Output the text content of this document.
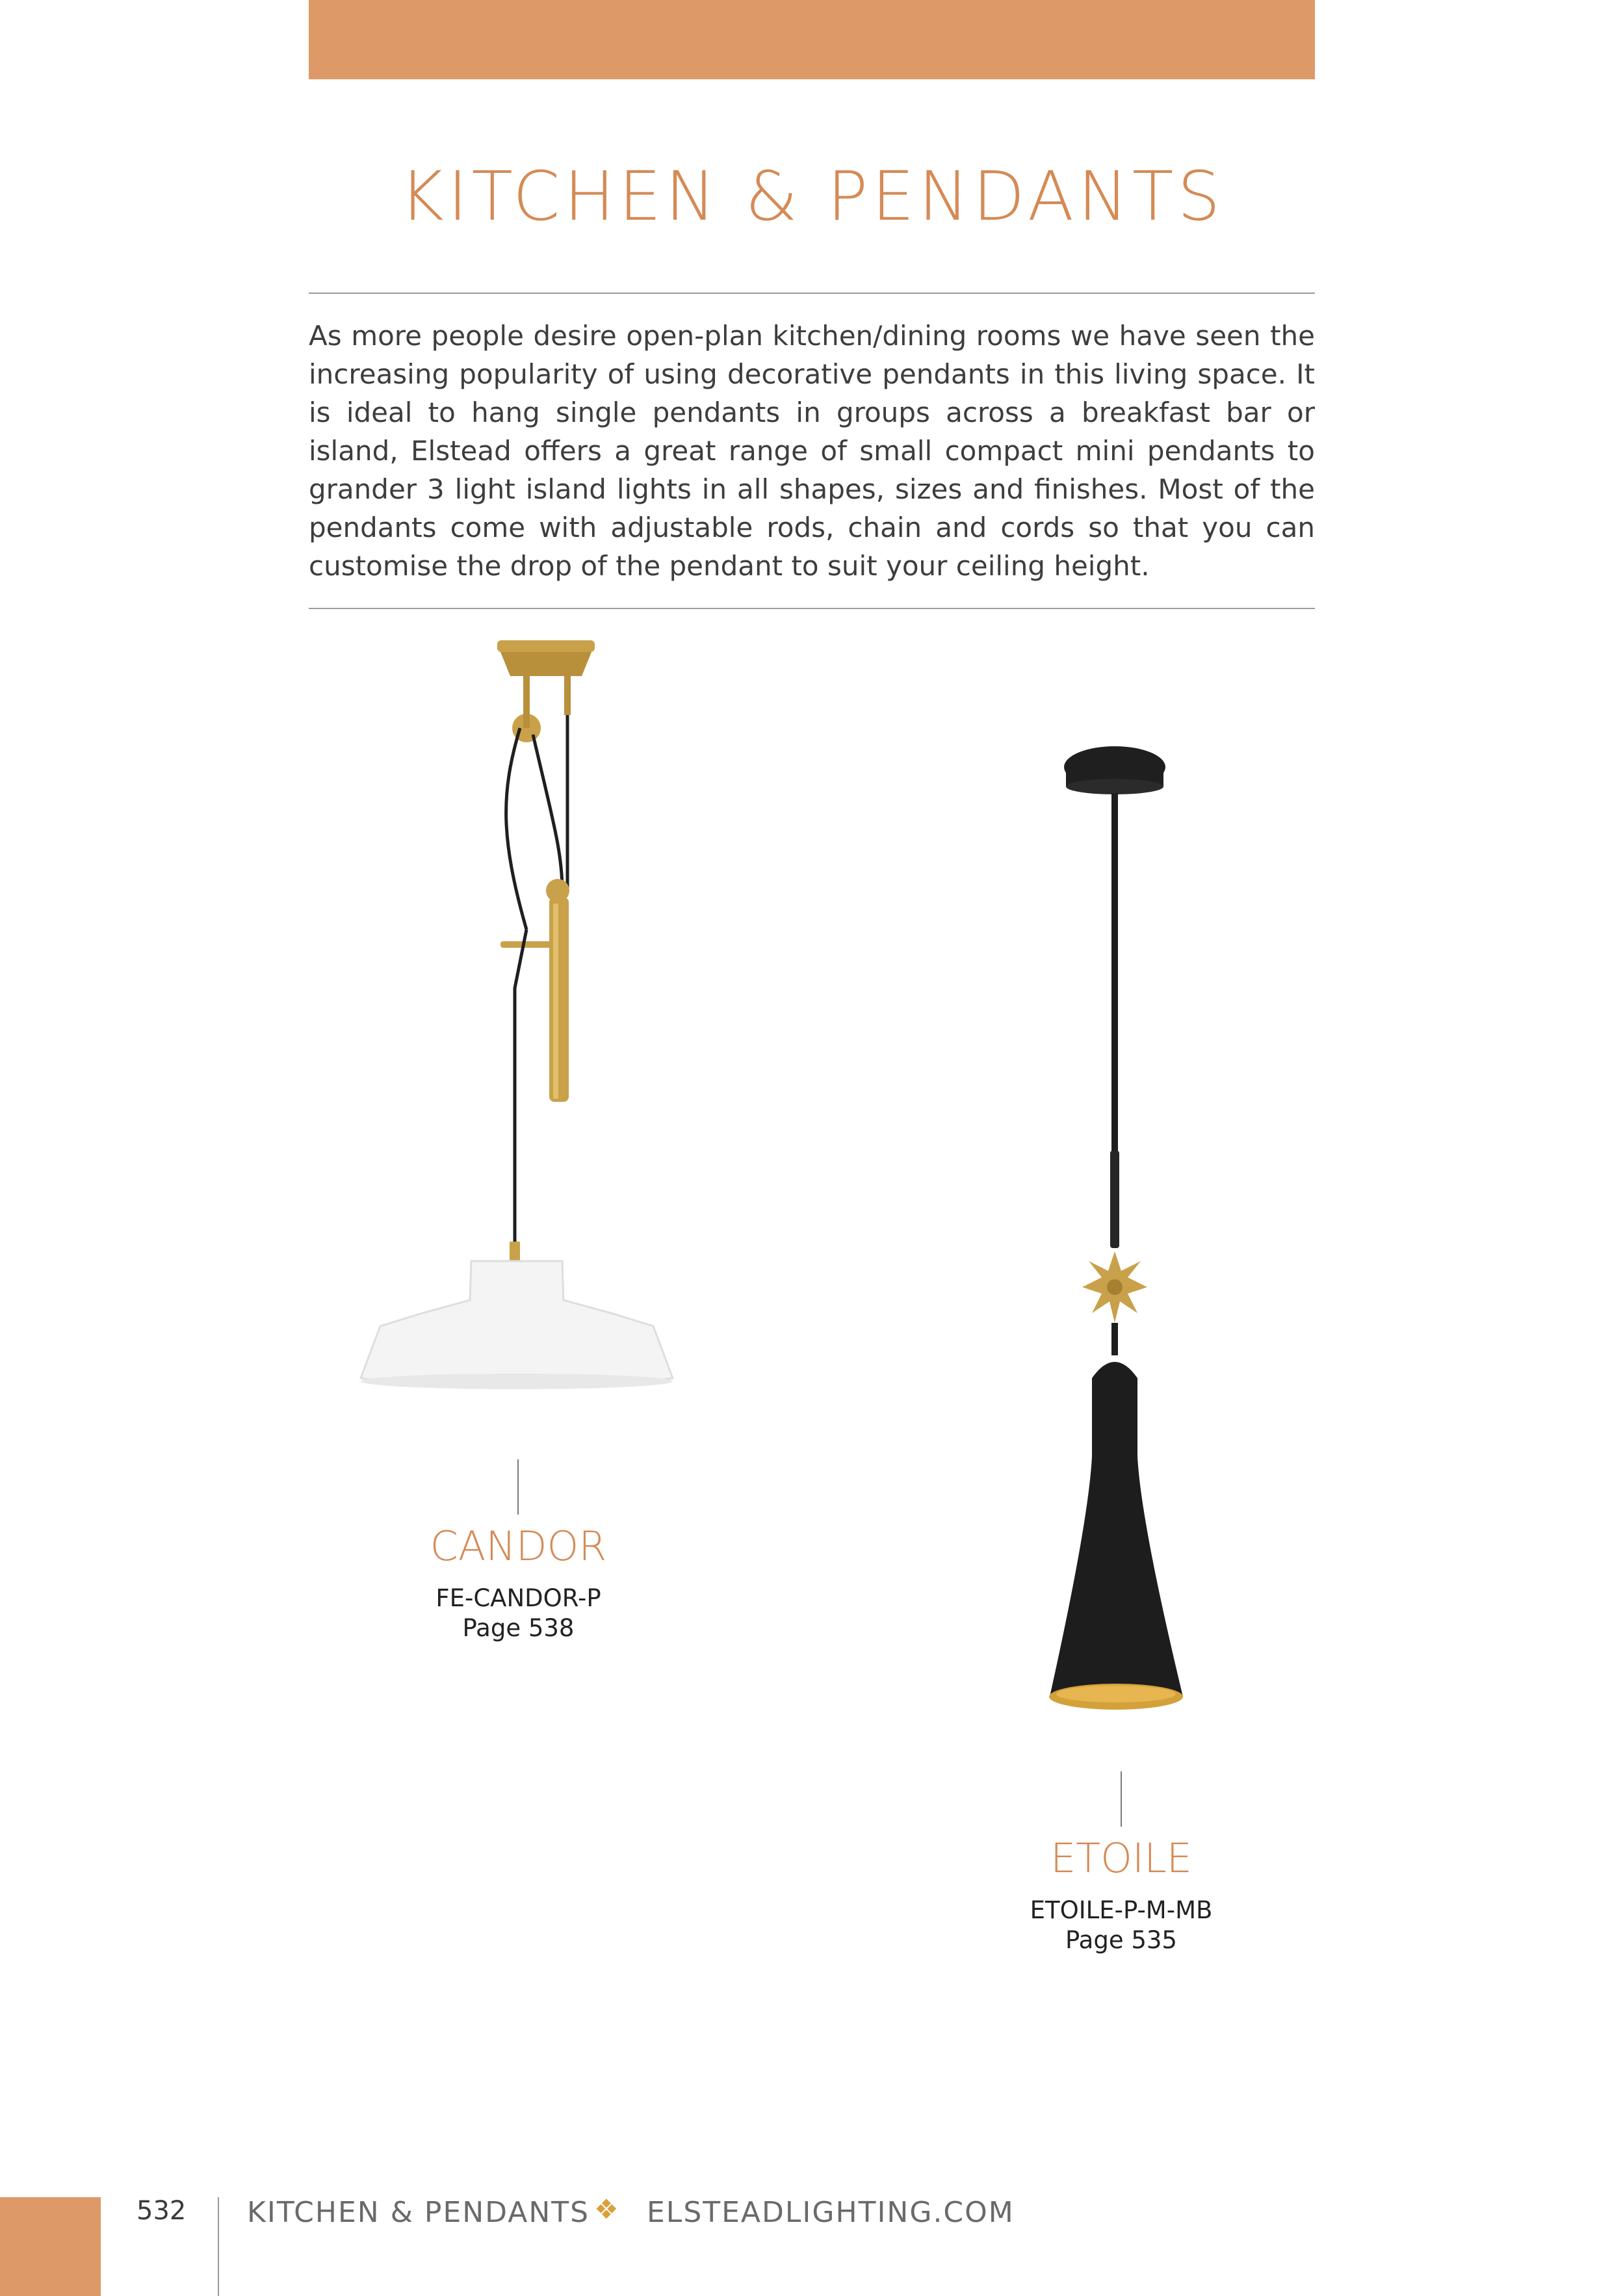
KITCHEN & PENDANTS
As more people desire open-plan kitchen/dining rooms we have seen the increasing popularity of using decorative pendants in this living space. It is ideal to hang single pendants in groups across a breakfast bar or island, Elstead offers a great range of small compact mini pendants to grander 3 light island lights in all shapes, sizes and finishes. Most of the pendants come with adjustable rods, chain and cords so that you can customise the drop of the pendant to suit your ceiling height.
CANDOR
FE-CANDOR-P
Page 538
ETOILE
ETOILE-P-M-MB
Page 535
532 KITCHEN & PENDANTS ❖ ELSTEADLIGHTING.COM
